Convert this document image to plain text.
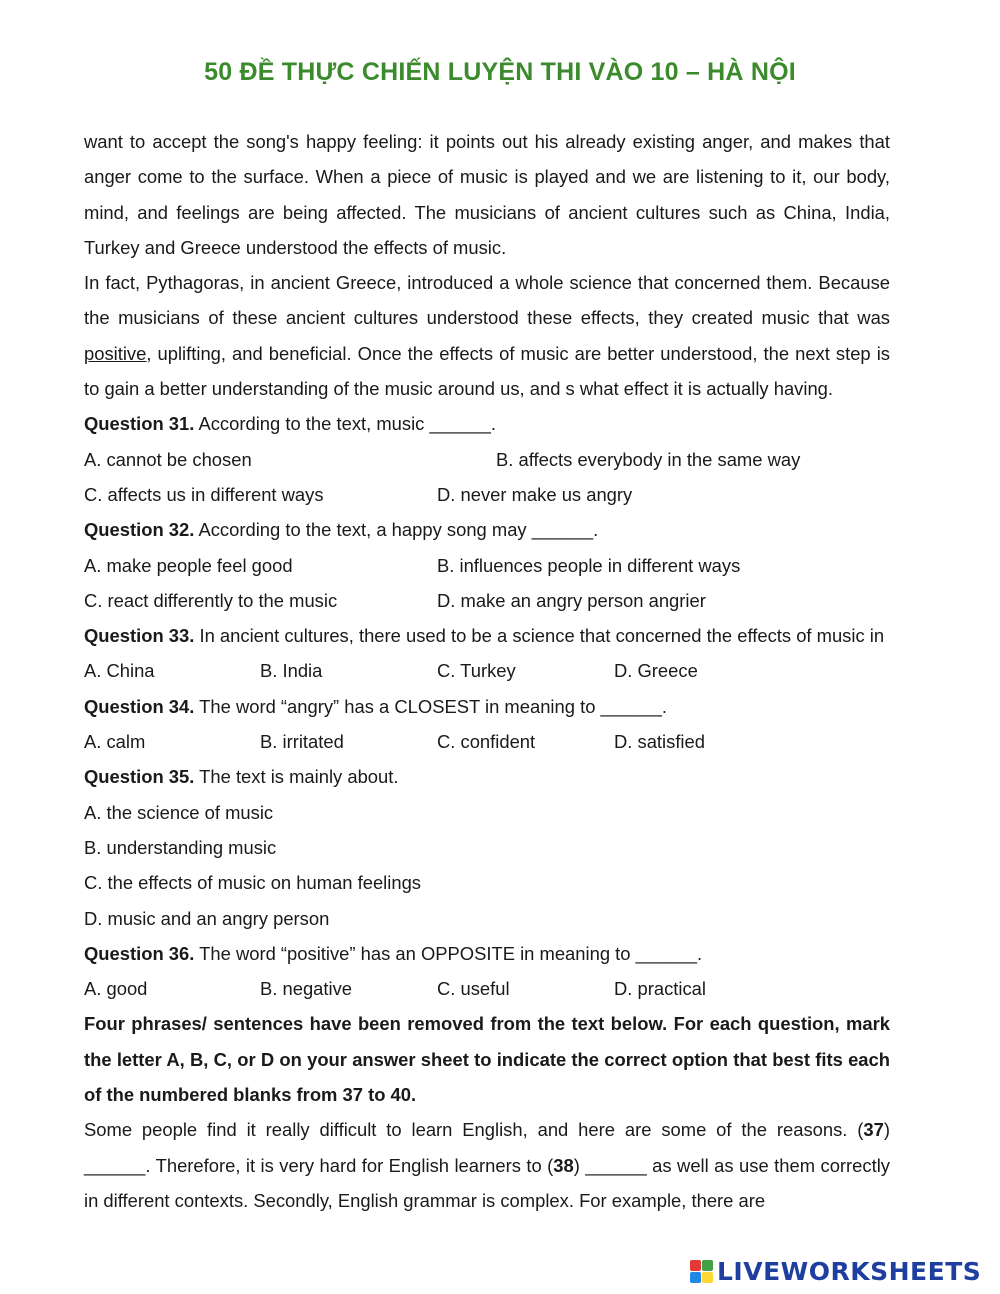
50 ĐỀ THỰC CHIẾN LUYỆN THI VÀO 10 – HÀ NỘI

want to accept the song's happy feeling: it points out his already existing anger, and makes that anger come to the surface. When a piece of music is played and we are listening to it, our body, mind, and feelings are being affected. The musicians of ancient cultures such as China, India, Turkey and Greece understood the effects of music.

In fact, Pythagoras, in ancient Greece, introduced a whole science that concerned them. Because the musicians of these ancient cultures understood these effects, they created music that was positive, uplifting, and beneficial. Once the effects of music are better understood, the next step is to gain a better understanding of the music around us, and s what effect it is actually having.

Question 31. According to the text, music ______.
A. cannot be chosen	B. affects everybody in the same way
C. affects us in different ways	D. never make us angry
Question 32. According to the text, a happy song may ______.
A. make people feel good	B. influences people in different ways
C. react differently to the music	D. make an angry person angrier

Question 33. In ancient cultures, there used to be a science that concerned the effects of music in

A. China	B. India	C. Turkey	D. Greece
Question 34. The word “angry” has a CLOSEST in meaning to ______.
A. calm	B. irritated	C. confident	D. satisfied
Question 35. The text is mainly about.
A. the science of music
B. understanding music
C. the effects of music on human feelings
D. music and an angry person
Question 36. The word “positive” has an OPPOSITE in meaning to ______.
A. good	B. negative	C. useful	D. practical

Four phrases/ sentences have been removed from the text below. For each question, mark the letter A, B, C, or D on your answer sheet to indicate the correct option that best fits each of the numbered blanks from 37 to 40.

Some people find it really difficult to learn English, and here are some of the reasons. (37)

______. Therefore, it is very hard for English learners to (38) ______ as well as use them correctly in different contexts. Secondly, English grammar is complex. For example, there are

LIVEWORKSHEETS
